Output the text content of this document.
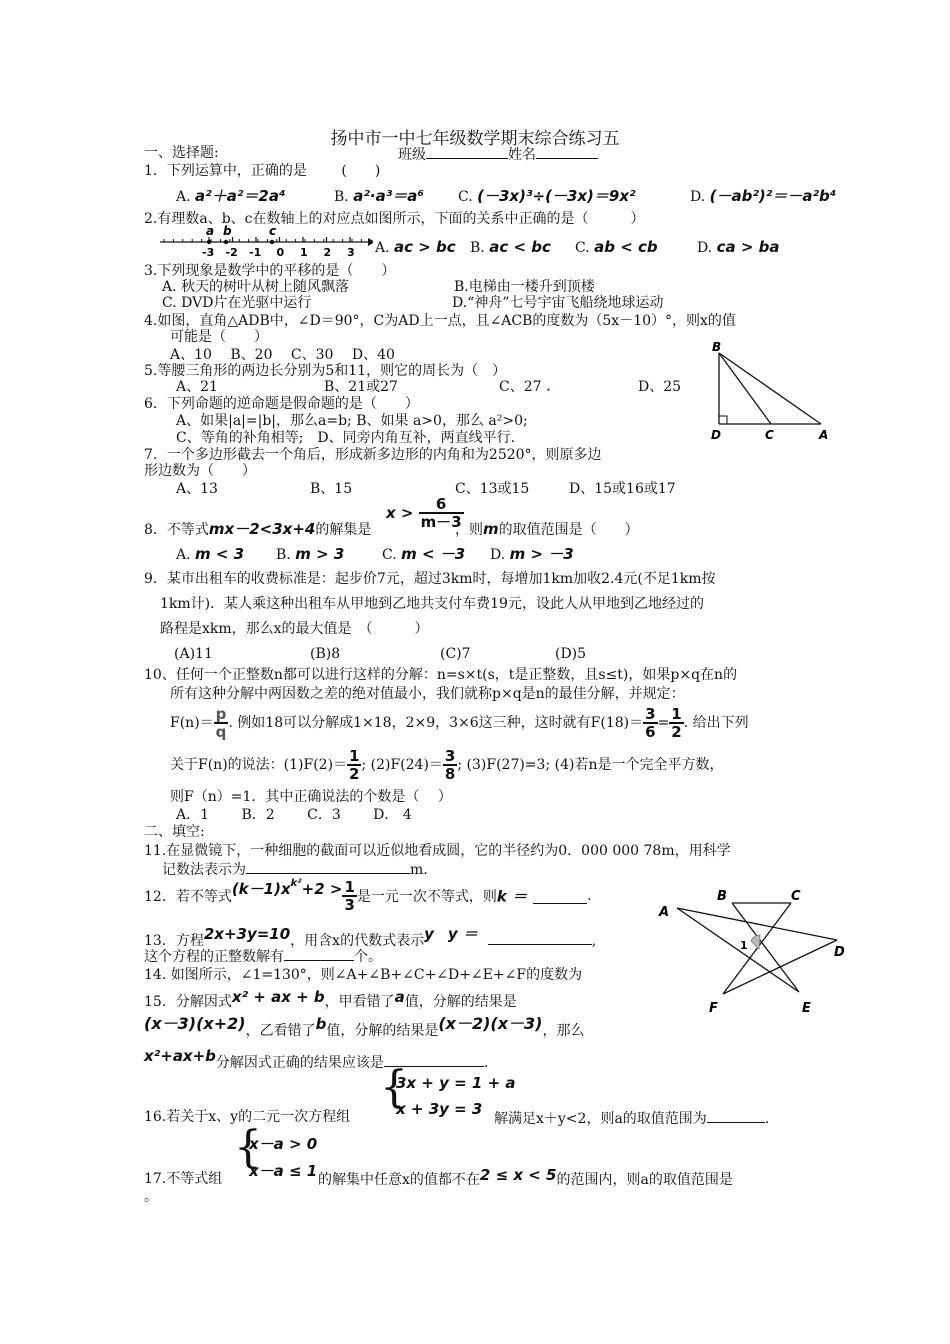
扬中市一中七年级数学期末综合练习五
一、选择题:	班级	姓名
1．下列运算中，正确的是 (　　)
A. a²＋a²＝2a⁴	B. a²·a³＝a⁶ C. (－3x)³÷(－3x)＝9x²	D. (－ab²)²＝－a²b⁴
2.有理数a、b、c在数轴上的对应点如图所示，下面的关系中正确的是（　　　）
-3 -2 -1 0 1 2 3
a b	c
A. ac > bc B. ac < bc C. ab < cb	D. ca > ba
3.下列现象是数学中的平移的是（　　）
A. 秋天的树叶从树上随风飘落	B.电梯由一楼升到顶楼
C. DVD片在光驱中运行	D.“神舟”七号宇宙飞船绕地球运动
4.如图，直角△ADB中，∠D＝90°，C为AD上一点，且∠ACB的度数为（5x－10）°，则x的值
可能是（　　）
A、10　 B、20　 C、30　 D、40	B
D	C	A
5.等腰三角形的两边长分别为5和11，则它的周长为（　）
A、21	B、21或27	C、27 .	D、25
6．下列命题的逆命题是假命题的是（　　）
A、如果|a|=|b|，那么a=b; B、如果 a>0，那么 a²>0;
C、等角的补角相等;　D、同旁内角互补，两直线平行.
7．一个多边形截去一个角后，形成新多边形的内角和为2520°，则原多边
形边数为（　　）
A、13	B、15	C、13或15	D、15或16或17
8．不等式mx－2<3x+4的解集是
$x > \frac{6}{m-3}$
，则m的取值范围是（　　）
A. m < 3 B. m > 3	C. m < －3 D. m > －3
9．某市出租车的收费标准是：起步价7元，超过3km时，每增加1km加收2.4元(不足1km按
1km计)．某人乘这种出租车从甲地到乙地共支付车费19元，设此人从甲地到乙地经过的
路程是xkm，那么x的最大值是　（　　　）
(A)11	(B)8	(C)7	(D)5
10、任何一个正整数n都可以进行这样的分解：n=s×t(s，t是正整数，且s≤t)，如果p×q在n的
所有这种分解中两因数之差的绝对值最小，我们就称p×q是n的最佳分解，并规定：
$F(n)= \frac{p}{q}$ . 例如18可以分解成1×18，2×9，3×6这三种，这时就有$F(18)= \frac{3}{6} = \frac{1}{2}$ . 给出下列
关于F(n)的说法：$(1)F(2)= \frac{1}{2}$ ; $(2)F(24)= \frac{3}{8}$ ; (3)F(27)=3; (4)若n是一个完全平方数，
则F（n）=1．其中正确说法的个数是（　 ）
A．1　　 B．2　　 C．3　　 D． 4
二、填空:
11.在显微镜下，一种细胞的截面可以近似地看成圆，它的半径约为0．000 000 78m，用科学
记数法表示为	m.
12．若不等式$(k-1)x^{k^2}+2 > \frac{1}{3}$ 是一元一次不等式，则k ＝	.
13．方程2x+3y=10，用含x的代数式表示y y ＝	,
这个方程的正整数解有	个。
14. 如图所示，∠1=130°，则∠A+∠B+∠C+∠D+∠E+∠F的度数为
A
B	C
D
E
F
1
15．分解因式x² + ax + b，甲看错了a值，分解的结果是
(x－3)(x+2)，乙看错了b值，分解的结果是(x－2)(x－3)，那么
x²+ax+b分解因式正确的结果应该是	.
{
3x + y = 1 + a
x + 3y = 3
16.若关于x、y的二元一次方程组	解满足x＋y<2，则a的取值范围为	.
{
x－a > 0
x－a ≤ 1
17.不等式组	的解集中任意x的值都不在2 ≤ x < 5的范围内，则a的取值范围是
。
